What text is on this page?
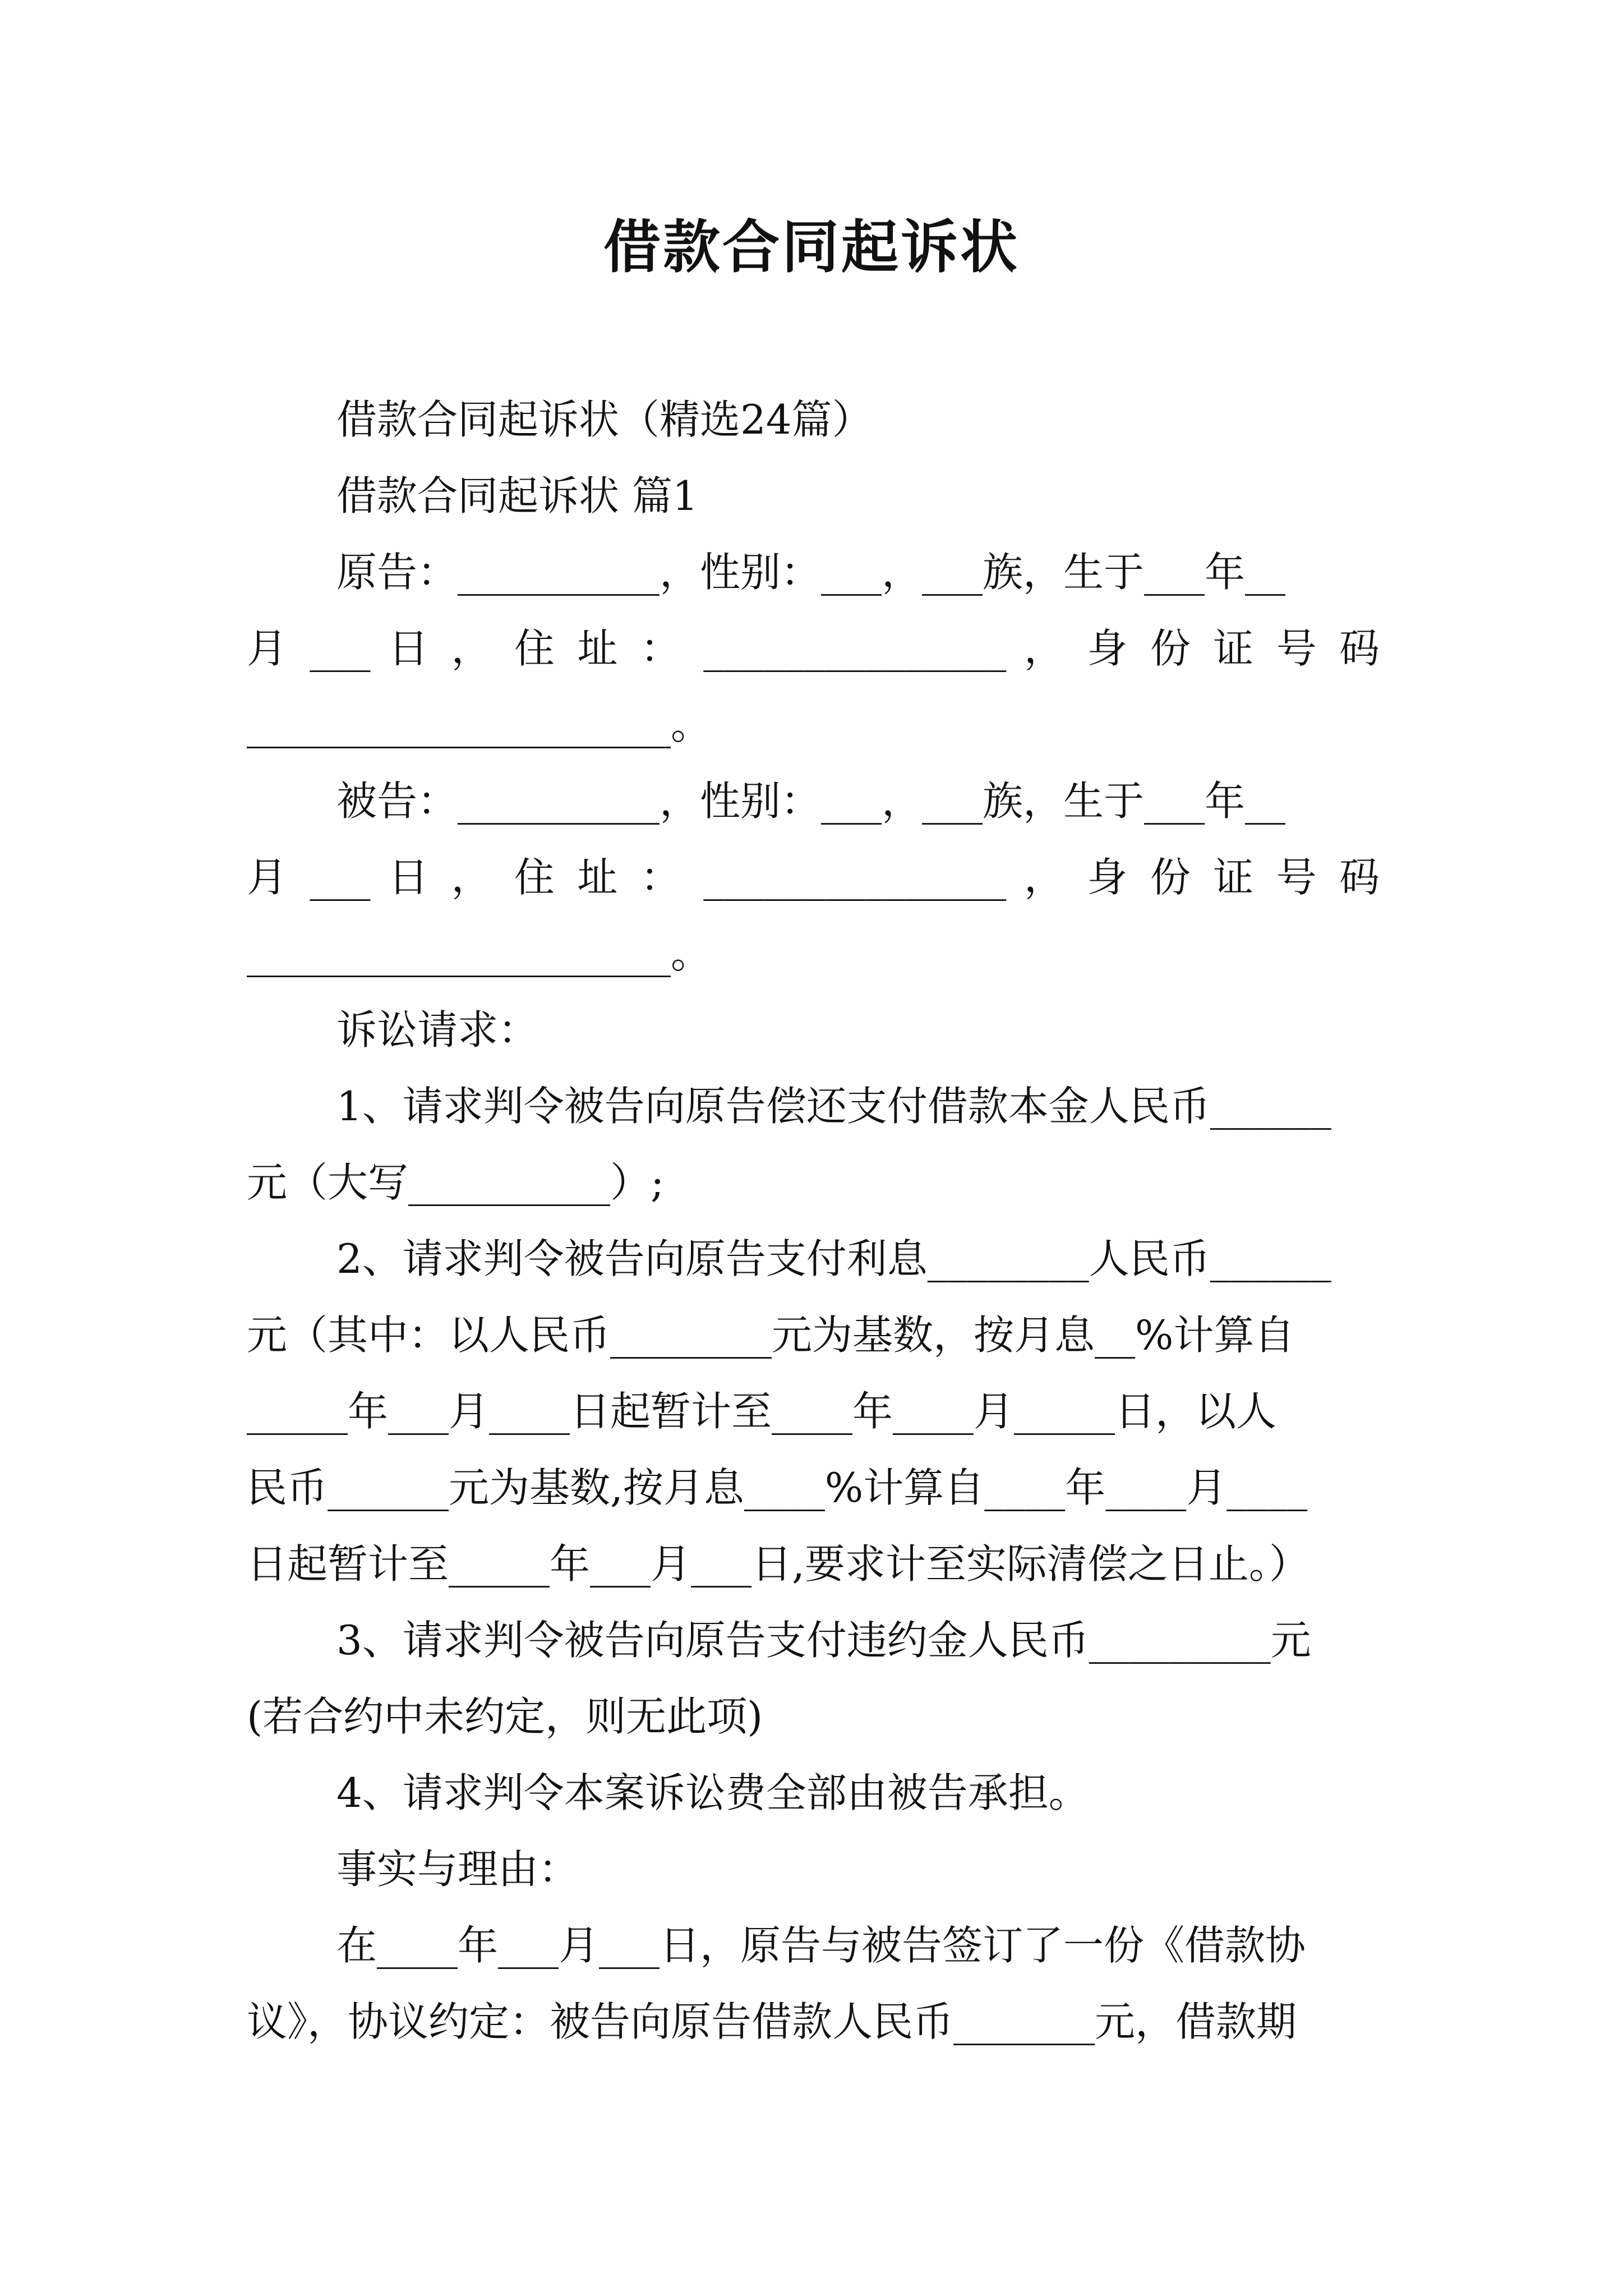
借款合同起诉状
借款合同起诉状（精选24篇）
借款合同起诉状 篇1
原告：__________，性别：___，___族，生于___年__
月 ___ 日 ， 住 址 ： _______________ ， 身 份 证 号 码
_____________________。
被告：__________，性别：___，___族，生于___年__
月 ___ 日 ， 住 址 ： _______________ ， 身 份 证 号 码
_____________________。
诉讼请求：
1、请求判令被告向原告偿还支付借款本金人民币______
元（大写__________）;
2、请求判令被告向原告支付利息________人民币______
元（其中：以人民币________元为基数，按月息__%计算自
_____年___月____日起暂计至____年____月_____日，以人
民币______元为基数,按月息____%计算自____年____月____
日起暂计至_____年___月___日,要求计至实际清偿之日止。）
3、请求判令被告向原告支付违约金人民币_________元
(若合约中未约定，则无此项)
4、请求判令本案诉讼费全部由被告承担。
事实与理由：
在____年___月___日，原告与被告签订了一份《借款协
议》，协议约定：被告向原告借款人民币_______元，借款期
